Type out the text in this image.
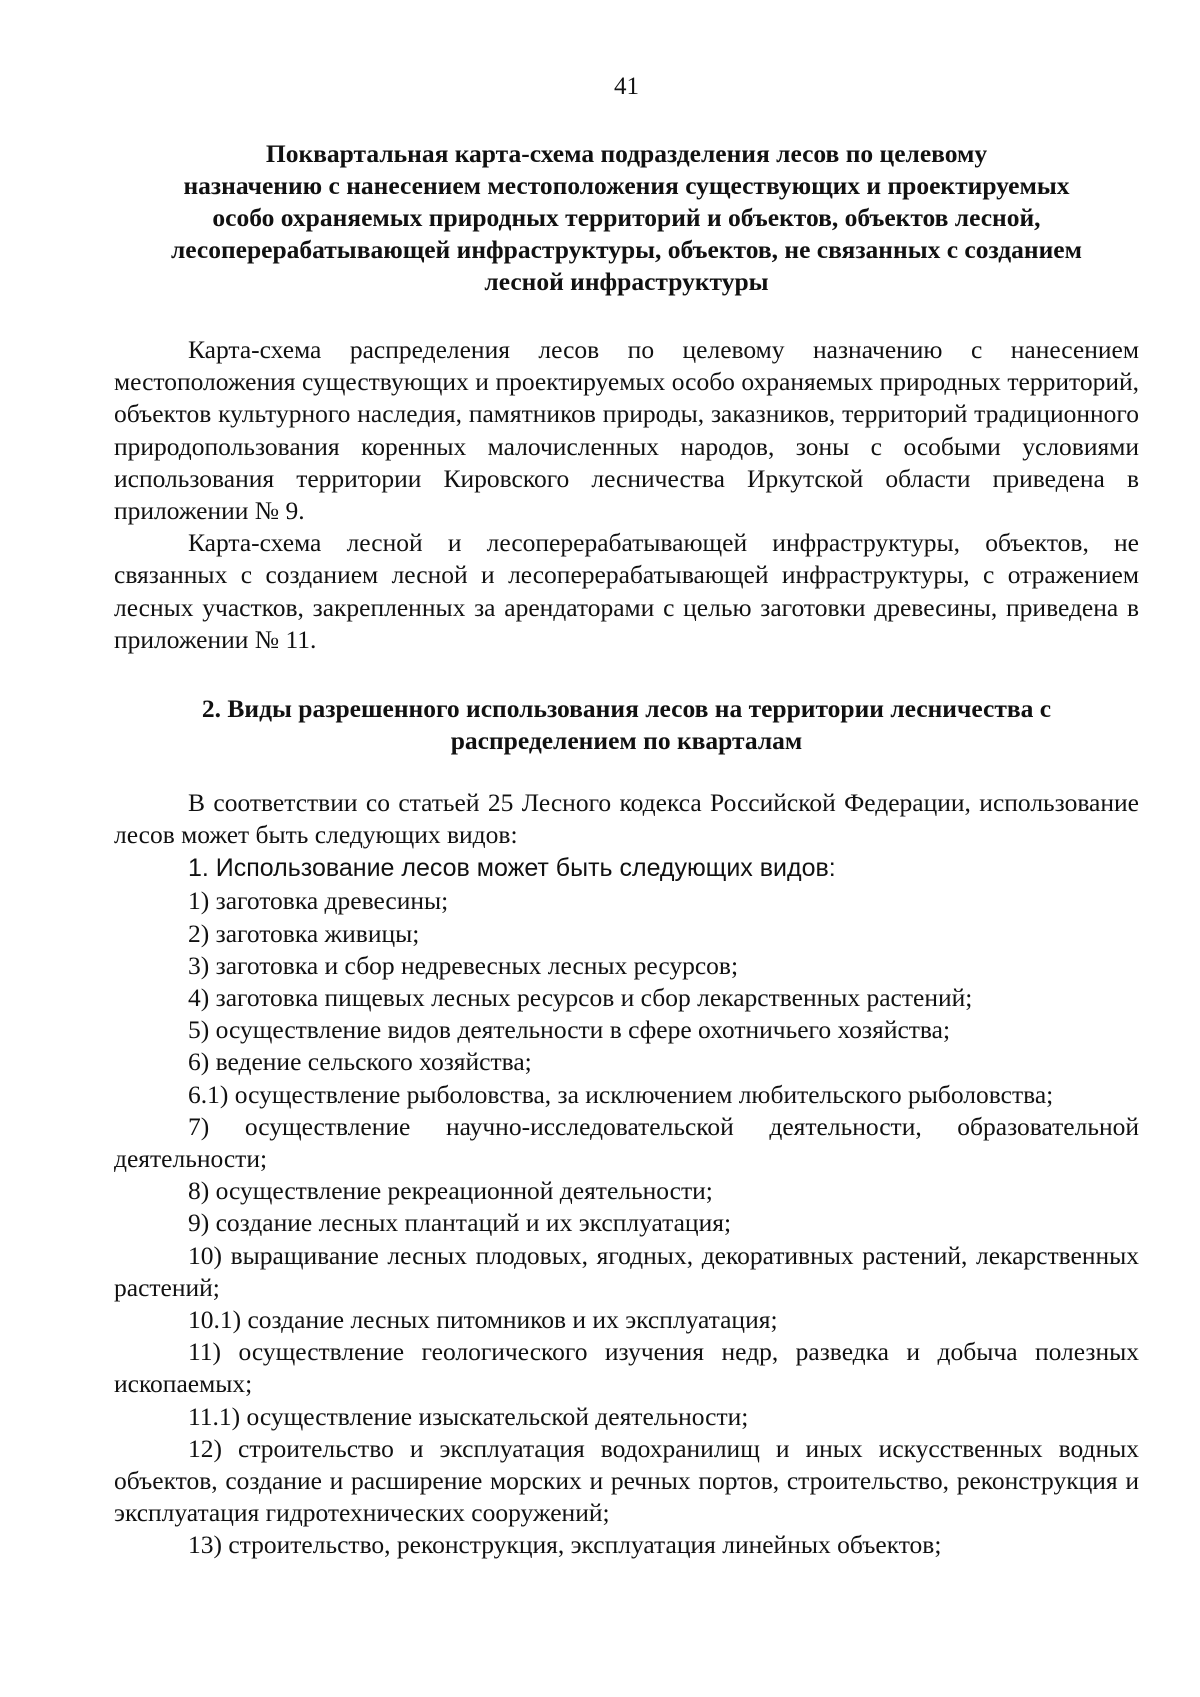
41
Поквартальная карта-схема подразделения лесов по целевому
назначению с нанесением местоположения существующих и проектируемых
особо охраняемых природных территорий и объектов, объектов лесной,
лесоперерабатывающей инфраструктуры, объектов, не связанных с созданием
лесной инфраструктуры

Карта-схема распределения лесов по целевому назначению с нанесением местоположения существующих и проектируемых особо охраняемых природных территорий, объектов культурного наследия, памятников природы, заказников, территорий традиционного природопользования коренных малочисленных народов, зоны с особыми условиями использования территории Кировского лесничества Иркутской области приведена в приложении № 9.

Карта-схема лесной и лесоперерабатывающей инфраструктуры, объектов, не связанных с созданием лесной и лесоперерабатывающей инфраструктуры, с отражением лесных участков, закрепленных за арендаторами с целью заготовки древесины, приведена в приложении № 11.

2. Виды разрешенного использования лесов на территории лесничества с
распределением по кварталам

В соответствии со статьей 25 Лесного кодекса Российской Федерации, использование лесов может быть следующих видов:

1. Использование лесов может быть следующих видов:

1) заготовка древесины;

2) заготовка живицы;

3) заготовка и сбор недревесных лесных ресурсов;

4) заготовка пищевых лесных ресурсов и сбор лекарственных растений;

5) осуществление видов деятельности в сфере охотничьего хозяйства;

6) ведение сельского хозяйства;

6.1) осуществление рыболовства, за исключением любительского рыболовства;

7) осуществление научно-исследовательской деятельности, образовательной деятельности;

8) осуществление рекреационной деятельности;

9) создание лесных плантаций и их эксплуатация;

10) выращивание лесных плодовых, ягодных, декоративных растений, лекарственных растений;

10.1) создание лесных питомников и их эксплуатация;

11) осуществление геологического изучения недр, разведка и добыча полезных ископаемых;

11.1) осуществление изыскательской деятельности;

12) строительство и эксплуатация водохранилищ и иных искусственных водных объектов, создание и расширение морских и речных портов, строительство, реконструкция и эксплуатация гидротехнических сооружений;

13) строительство, реконструкция, эксплуатация линейных объектов;
